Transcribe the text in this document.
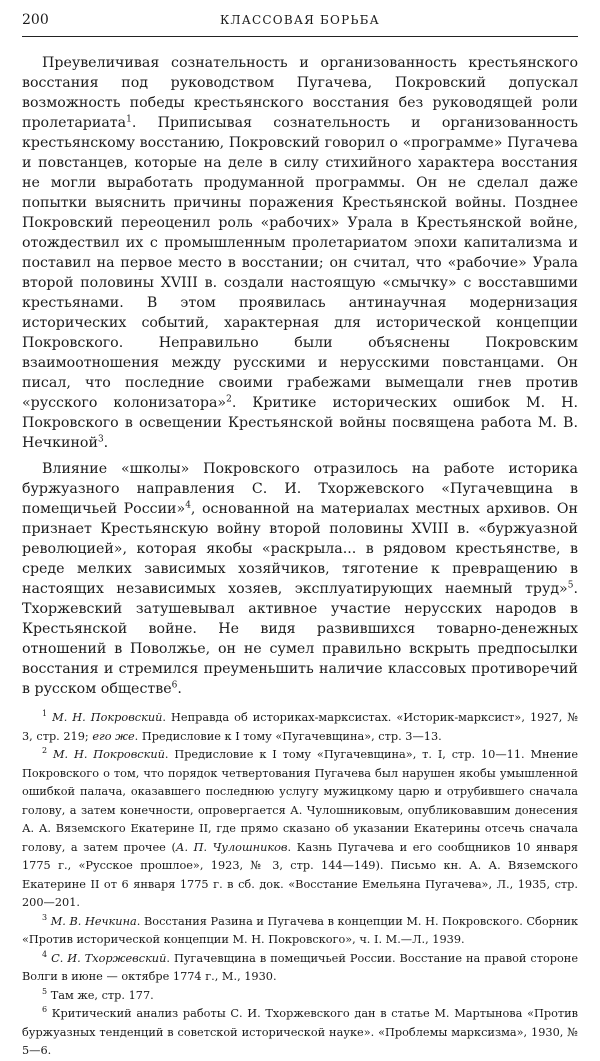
200	КЛАССОВАЯ БОРЬБА

Преувеличивая сознательность и организованность крестьянского восстания под руководством Пугачева, Покровский допускал возможность победы крестьянского восстания без руководящей роли пролетариата$^1$. Приписывая сознательность и организованность крестьянскому восстанию, Покровский говорил о «программе» Пугачева и повстанцев, которые на деле в силу стихийного характера восстания не могли выработать продуманной программы. Он не сделал даже попытки выяснить причины поражения Крестьянской войны. Позднее Покровский переоценил роль «рабочих» Урала в Крестьянской войне, отождествил их с промышленным пролетариатом эпохи капитализма и поставил на первое место в восстании; он считал, что «рабочие» Урала второй половины XVIII в. создали настоящую «смычку» с восставшими крестьянами. В этом проявилась антинаучная модернизация исторических событий, характерная для исторической концепции Покровского. Неправильно были объяснены Покровским взаимоотношения между русскими и нерусскими повстанцами. Он писал, что последние своими грабежами вымещали гнев против «русского колонизатора»$^2$. Критике исторических ошибок М. Н. Покровского в освещении Крестьянской войны посвящена работа М. В. Нечкиной$^3$.

Влияние «школы» Покровского отразилось на работе историка буржуазного направления С. И. Тхоржевского «Пугачевщина в помещичьей России»$^4$, основанной на материалах местных архивов. Он признает Крестьянскую войну второй половины XVIII в. «буржуазной революцией», которая якобы «раскрыла... в рядовом крестьянстве, в среде мелких зависимых хозяйчиков, тяготение к превращению в настоящих независимых хозяев, эксплуатирующих наемный труд»$^5$. Тхоржевский затушевывал активное участие нерусских народов в Крестьянской войне. Не видя развившихся товарно-денежных отношений в Поволжье, он не сумел правильно вскрыть предпосылки восстания и стремился преуменьшить наличие классовых противоречий в русском обществе$^6$.

$^1$ М. Н. Покровский. Неправда об историках-марксистах. «Историк-марксист», 1927, № 3, стр. 219; его же. Предисловие к I тому «Пугачевщина», стр. 3—13.

$^2$ М. Н. Покровский. Предисловие к I тому «Пугачевщина», т. I, стр. 10—11. Мнение Покровского о том, что порядок четвертования Пугачева был нарушен якобы умышленной ошибкой палача, оказавшего последнюю услугу мужицкому царю и отрубившего сначала голову, а затем конечности, опровергается А. Чулошниковым, опубликовавшим донесения А. А. Вяземского Екатерине II, где прямо сказано об указании Екатерины отсечь сначала голову, а затем прочее (А. П. Чулошников. Казнь Пугачева и его сообщников 10 января 1775 г., «Русское прошлое», 1923, № 3, стр. 144—149). Письмо кн. А. А. Вяземского Екатерине II от 6 января 1775 г. в сб. док. «Восстание Емельяна Пугачева», Л., 1935, стр. 200—201.

$^3$ М. В. Нечкина. Восстания Разина и Пугачева в концепции М. Н. Покровского. Сборник «Против исторической концепции М. Н. Покровского», ч. I. М.—Л., 1939.

$^4$ С. И. Тхоржевский. Пугачевщина в помещичьей России. Восстание на правой стороне Волги в июне — октябре 1774 г., М., 1930.

$^5$ Там же, стр. 177.

$^6$ Критический анализ работы С. И. Тхоржевского дан в статье М. Мартынова «Против буржуазных тенденций в советской исторической науке». «Проблемы марксизма», 1930, № 5—6.
